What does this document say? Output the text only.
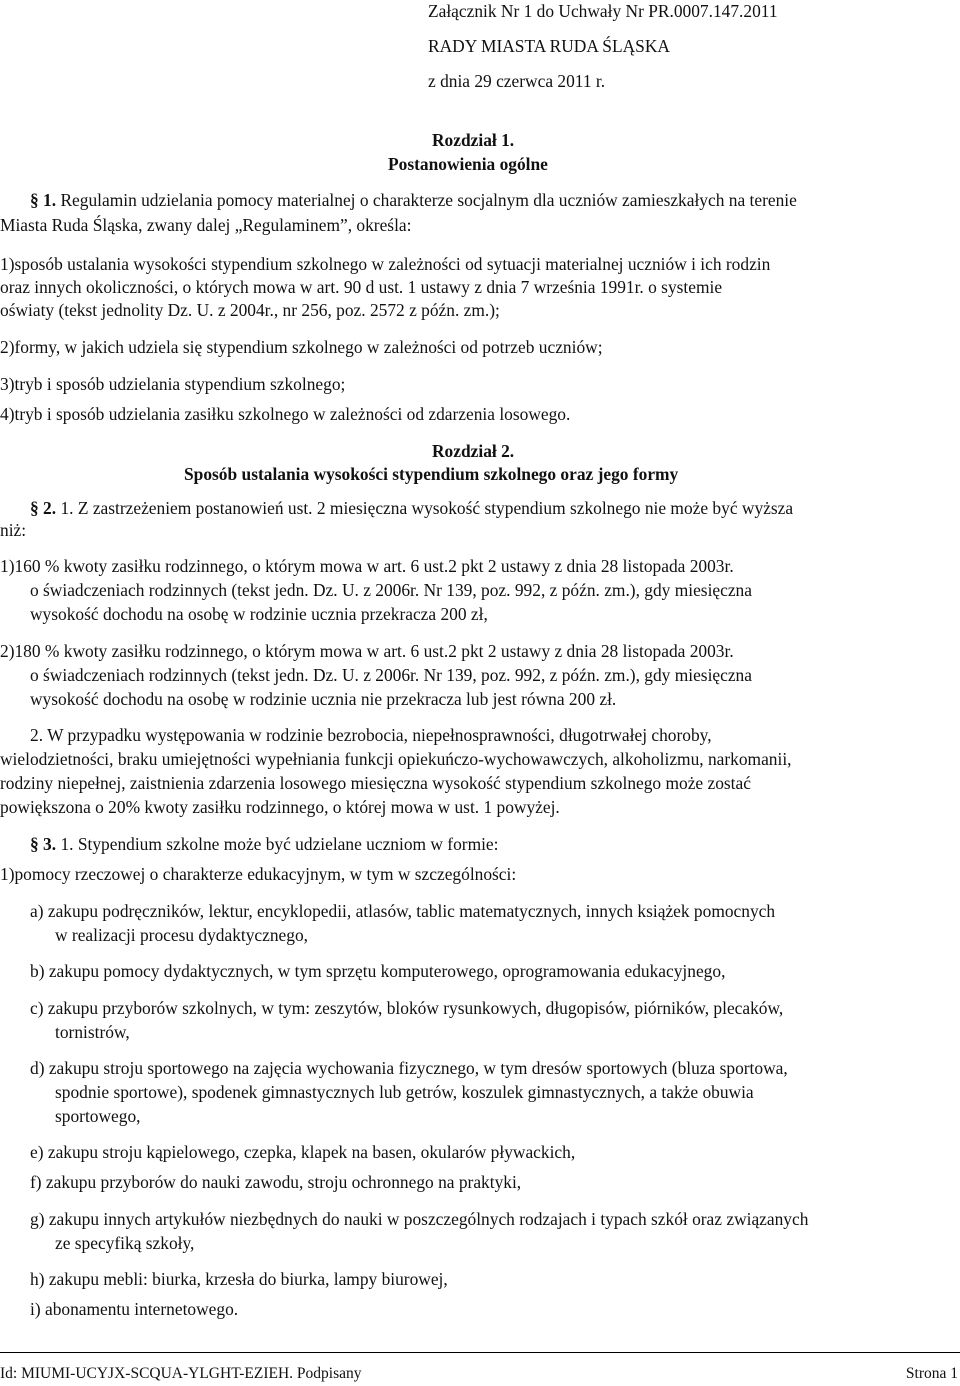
Załącznik Nr 1 do Uchwały Nr PR.0007.147.2011
RADY MIASTA RUDA ŚLĄSKA
z dnia 29 czerwca 2011 r.
Rozdział 1.
Postanowienia ogólne
§ 1. Regulamin udzielania pomocy materialnej o charakterze socjalnym dla uczniów zamieszkałych na terenie
Miasta Ruda Śląska, zwany dalej „Regulaminem”, określa:
1)sposób ustalania wysokości stypendium szkolnego w zależności od sytuacji materialnej uczniów i ich rodzin
oraz innych okoliczności, o których mowa w art. 90 d ust. 1 ustawy z dnia 7 września 1991r. o systemie
oświaty (tekst jednolity Dz. U. z 2004r., nr 256, poz. 2572 z późn. zm.);
2)formy, w jakich udziela się stypendium szkolnego w zależności od potrzeb uczniów;
3)tryb i sposób udzielania stypendium szkolnego;
4)tryb i sposób udzielania zasiłku szkolnego w zależności od zdarzenia losowego.
Rozdział 2.
Sposób ustalania wysokości stypendium szkolnego oraz jego formy
§ 2. 1. Z zastrzeżeniem postanowień ust. 2 miesięczna wysokość stypendium szkolnego nie może być wyższa
niż:
1)160 % kwoty zasiłku rodzinnego, o którym mowa w art. 6 ust.2 pkt 2 ustawy z dnia 28 listopada 2003r.
o świadczeniach rodzinnych (tekst jedn. Dz. U. z 2006r. Nr 139, poz. 992, z późn. zm.), gdy miesięczna
wysokość dochodu na osobę w rodzinie ucznia przekracza 200 zł,
2)180 % kwoty zasiłku rodzinnego, o którym mowa w art. 6 ust.2 pkt 2 ustawy z dnia 28 listopada 2003r.
o świadczeniach rodzinnych (tekst jedn. Dz. U. z 2006r. Nr 139, poz. 992, z późn. zm.), gdy miesięczna
wysokość dochodu na osobę w rodzinie ucznia nie przekracza lub jest równa 200 zł.
2. W przypadku występowania w rodzinie bezrobocia, niepełnosprawności, długotrwałej choroby,
wielodzietności, braku umiejętności wypełniania funkcji opiekuńczo-wychowawczych, alkoholizmu, narkomanii,
rodziny niepełnej, zaistnienia zdarzenia losowego miesięczna wysokość stypendium szkolnego może zostać
powiększona o 20% kwoty zasiłku rodzinnego, o której mowa w ust. 1 powyżej.
§ 3. 1. Stypendium szkolne może być udzielane uczniom w formie:
1)pomocy rzeczowej o charakterze edukacyjnym, w tym w szczególności:
a) zakupu podręczników, lektur, encyklopedii, atlasów, tablic matematycznych, innych książek pomocnych
w realizacji procesu dydaktycznego,
b) zakupu pomocy dydaktycznych, w tym sprzętu komputerowego, oprogramowania edukacyjnego,
c) zakupu przyborów szkolnych, w tym: zeszytów, bloków rysunkowych, długopisów, piórników, plecaków,
tornistrów,
d) zakupu stroju sportowego na zajęcia wychowania fizycznego, w tym dresów sportowych (bluza sportowa,
spodnie sportowe), spodenek gimnastycznych lub getrów, koszulek gimnastycznych, a także obuwia
sportowego,
e) zakupu stroju kąpielowego, czepka, klapek na basen, okularów pływackich,
f) zakupu przyborów do nauki zawodu, stroju ochronnego na praktyki,
g) zakupu innych artykułów niezbędnych do nauki w poszczególnych rodzajach i typach szkół oraz związanych
ze specyfiką szkoły,
h) zakupu mebli: biurka, krzesła do biurka, lampy biurowej,
i) abonamentu internetowego.
Id: MIUMI-UCYJX-SCQUA-YLGHT-EZIEH. Podpisany	Strona 1
